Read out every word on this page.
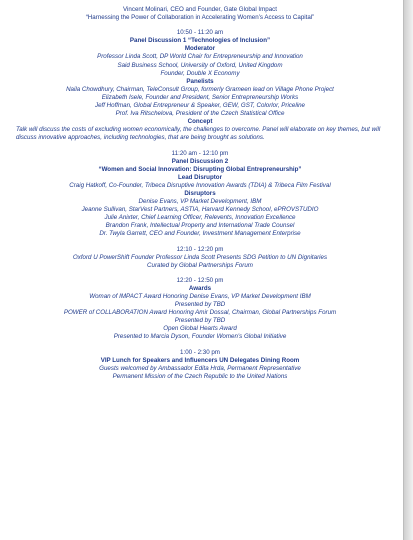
Vincent Molinari, CEO and Founder, Gate Global Impact
“Harnessing the Power of Collaboration in Accelerating Women’s Access to Capital”
10:50 - 11:20 am
Panel Discussion 1 “Technologies of Inclusion”
Moderator
Professor Linda Scott, DP World Chair for Entrepreneurship and Innovation
Said Business School, University of Oxford, United Kingdom
Founder, Double X Economy
Panelists
Naila Chowdhury, Chairman, TeleConsult Group, formerly Grameen lead on Village Phone Project
Elizabeth Isele, Founder and President, Senior Entrepreneurship Works
Jeff Hoffman, Global Entrepreneur & Speaker, GEW, GST, Colorlor, Priceline
Prof. Iva Ritschelova, President of the Czech Statistical Office
Concept
Talk will discuss the costs of excluding women economically, the challenges to overcome. Panel will elaborate on key themes, but will discuss innovative approaches, including technologies, that are being brought as solutions.
11:20 am - 12:10 pm
Panel Discussion 2
“Women and Social Innovation: Disrupting Global Entrepreneurship”
Lead Disruptor
Craig Hatkoff, Co-Founder, Tribeca Disruptive Innovation Awards (TDIA) & Tribeca Film Festival
Disruptors
Denise Evans, VP Market Development, IBM
Jeanne Sullivan, StarVest Partners, ASTIA, Harvard Kennedy School, ePROVSTUDIO
Julie Anixter, Chief Learning Officer, Relevents, Innovation Excellence
Brandon Frank, Intellectual Property and International Trade Counsel
Dr. Twyla Garrett, CEO and Founder, Investment Management Enterprise
12:10 - 12:20 pm
Oxford U PowerShift Founder Professor Linda Scott Presents SDG Petition to UN Dignitaries
Curated by Global Partnerships Forum
12:20 - 12:50 pm
Awards
Woman of IMPACT Award Honoring Denise Evans, VP Market Development IBM
Presented by TBD
POWER of COLLABORATION Award Honoring Amir Dossal, Chairman, Global Partnerships Forum
Presented by TBD
Open Global Hearts Award
Presented to Marcia Dyson, Founder Women’s Global Initiative
1:00 - 2:30 pm
VIP Lunch for Speakers and Influencers UN Delegates Dining Room
Guests welcomed by Ambassador Edita Hrda, Permanent Representative
Permanent Mission of the Czech Republic to the United Nations
